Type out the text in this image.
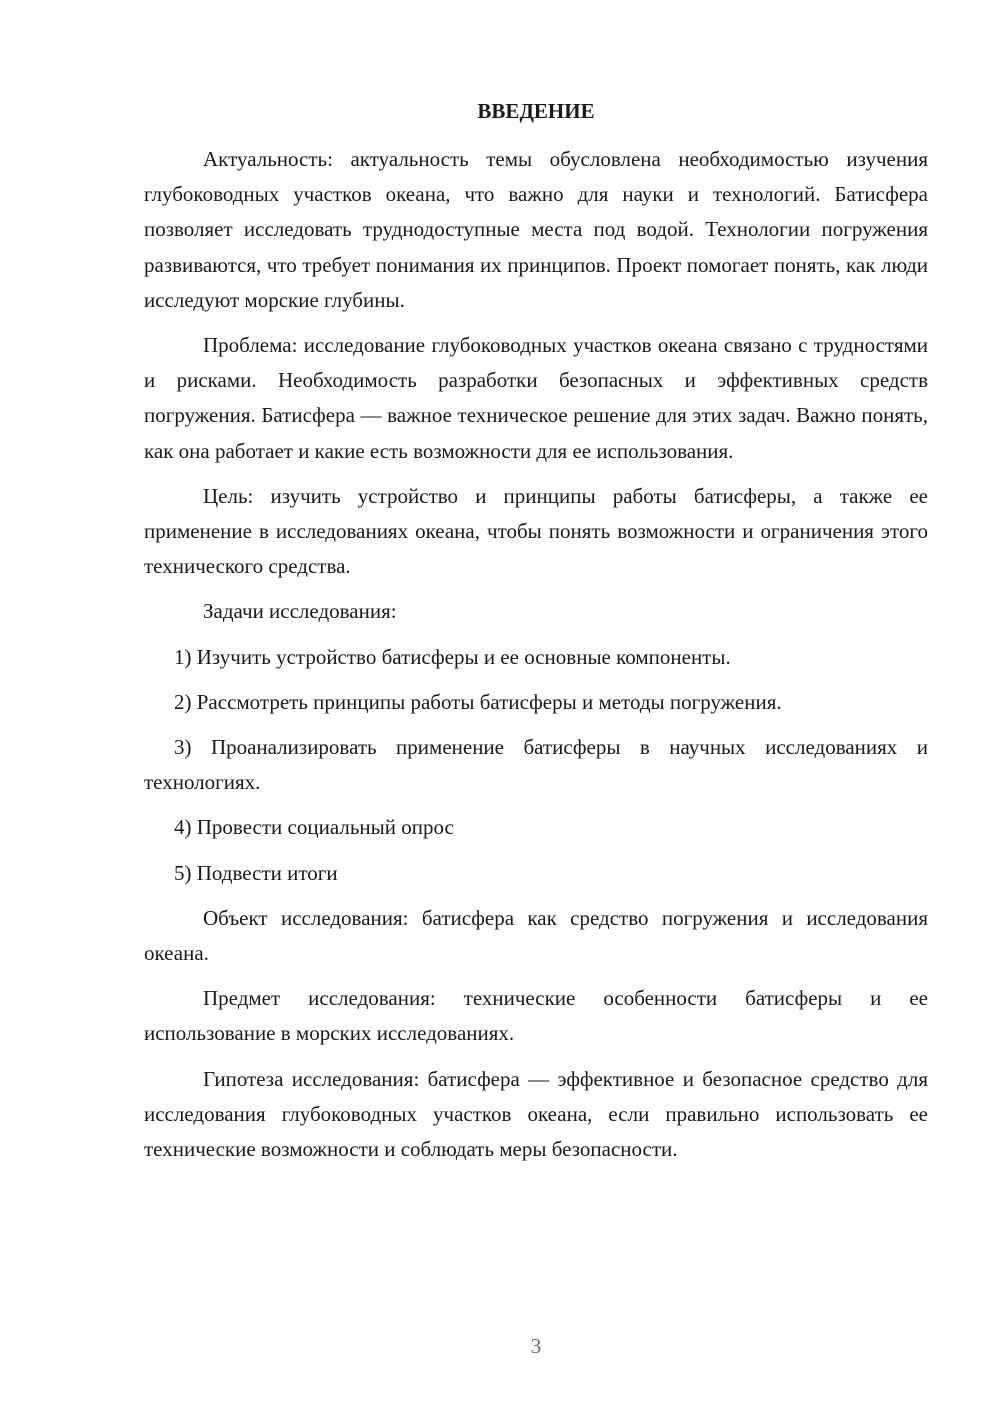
ВВЕДЕНИЕ

Актуальность: актуальность темы обусловлена необходимостью изучения глубоководных участков океана, что важно для науки и технологий. Батисфера позволяет исследовать труднодоступные места под водой. Технологии погружения развиваются, что требует понимания их принципов. Проект помогает понять, как люди исследуют морские глубины.

Проблема: исследование глубоководных участков океана связано с трудностями и рисками. Необходимость разработки безопасных и эффективных средств погружения. Батисфера — важное техническое решение для этих задач. Важно понять, как она работает и какие есть возможности для ее использования.

Цель: изучить устройство и принципы работы батисферы, а также ее применение в исследованиях океана, чтобы понять возможности и ограничения этого технического средства.

Задачи исследования:

1) Изучить устройство батисферы и ее основные компоненты.

2) Рассмотреть принципы работы батисферы и методы погружения.

3) Проанализировать применение батисферы в научных исследованиях и технологиях.

4) Провести социальный опрос

5) Подвести итоги

Объект исследования: батисфера как средство погружения и исследования океана.

Предмет исследования: технические особенности батисферы и ее использование в морских исследованиях.

Гипотеза исследования: батисфера — эффективное и безопасное средство для исследования глубоководных участков океана, если правильно использовать ее технические возможности и соблюдать меры безопасности.

3
